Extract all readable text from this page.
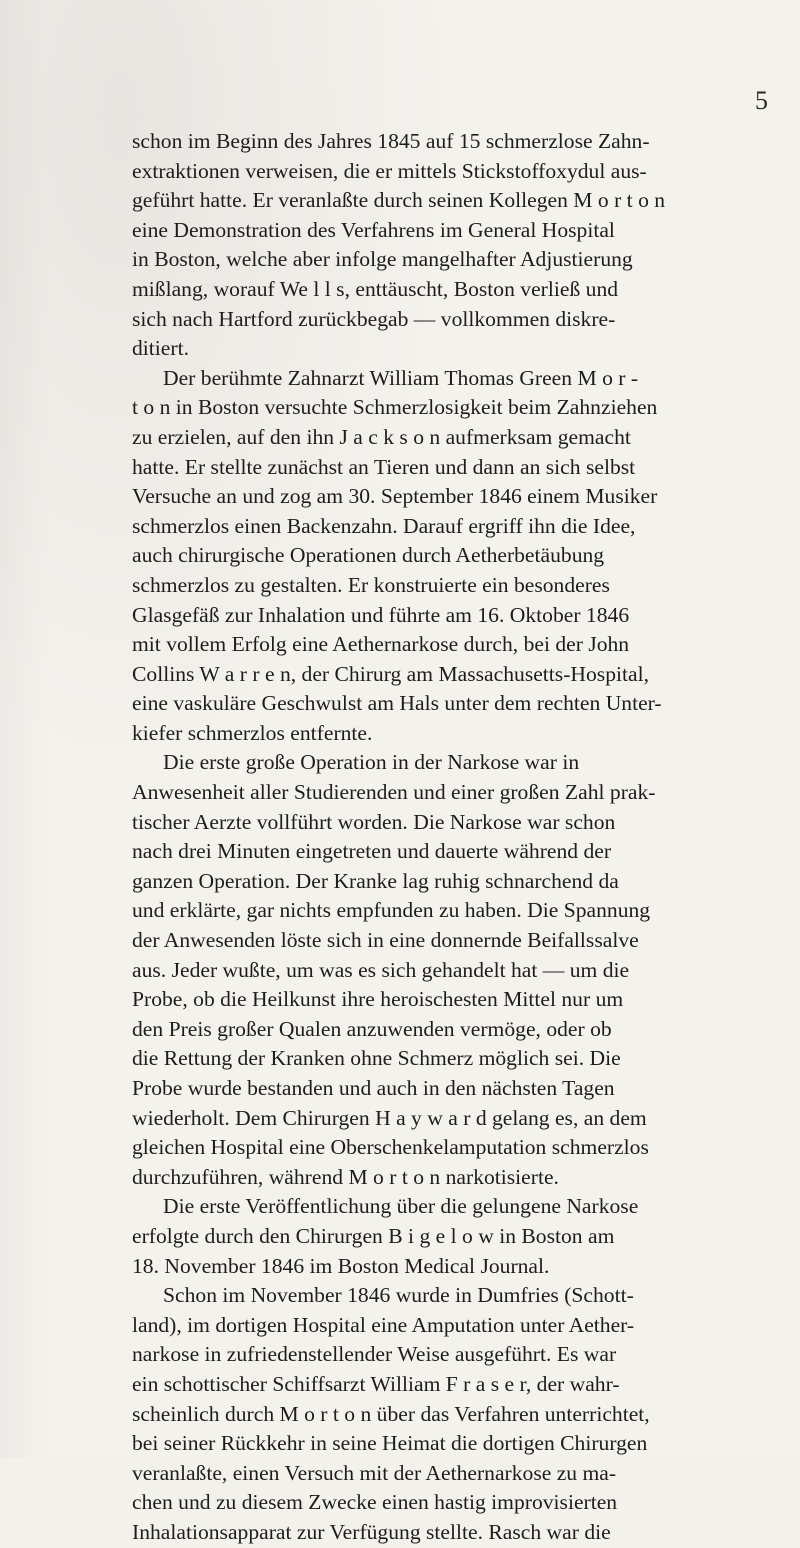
5
schon im Beginn des Jahres 1845 auf 15 schmerzlose Zahn-
extraktionen verweisen, die er mittels Stickstoffoxydul aus-
geführt hatte. Er veranlaßte durch seinen Kollegen M o r t o n
eine Demonstration des Verfahrens im General Hospital
in Boston, welche aber infolge mangelhafter Adjustierung
mißlang, worauf We l l s, enttäuscht, Boston verließ und
sich nach Hartford zurückbegab — vollkommen diskre-
ditiert.
Der berühmte Zahnarzt William Thomas Green M o r -
t o n in Boston versuchte Schmerzlosigkeit beim Zahnziehen
zu erzielen, auf den ihn J a c k s o n aufmerksam gemacht
hatte. Er stellte zunächst an Tieren und dann an sich selbst
Versuche an und zog am 30. September 1846 einem Musiker
schmerzlos einen Backenzahn. Darauf ergriff ihn die Idee,
auch chirurgische Operationen durch Aetherbetäubung
schmerzlos zu gestalten. Er konstruierte ein besonderes
Glasgefäß zur Inhalation und führte am 16. Oktober 1846
mit vollem Erfolg eine Aethernarkose durch, bei der John
Collins W a r r e n, der Chirurg am Massachusetts-Hospital,
eine vaskuläre Geschwulst am Hals unter dem rechten Unter-
kiefer schmerzlos entfernte.
Die erste große Operation in der Narkose war in
Anwesenheit aller Studierenden und einer großen Zahl prak-
tischer Aerzte vollführt worden. Die Narkose war schon
nach drei Minuten eingetreten und dauerte während der
ganzen Operation. Der Kranke lag ruhig schnarchend da
und erklärte, gar nichts empfunden zu haben. Die Spannung
der Anwesenden löste sich in eine donnernde Beifallssalve
aus. Jeder wußte, um was es sich gehandelt hat — um die
Probe, ob die Heilkunst ihre heroischesten Mittel nur um
den Preis großer Qualen anzuwenden vermöge, oder ob
die Rettung der Kranken ohne Schmerz möglich sei. Die
Probe wurde bestanden und auch in den nächsten Tagen
wiederholt. Dem Chirurgen H a y w a r d gelang es, an dem
gleichen Hospital eine Oberschenkelamputation schmerzlos
durchzuführen, während M o r t o n narkotisierte.
Die erste Veröffentlichung über die gelungene Narkose
erfolgte durch den Chirurgen B i g e l o w in Boston am
18. November 1846 im Boston Medical Journal.
Schon im November 1846 wurde in Dumfries (Schott-
land), im dortigen Hospital eine Amputation unter Aether-
narkose in zufriedenstellender Weise ausgeführt. Es war
ein schottischer Schiffsarzt William F r a s e r, der wahr-
scheinlich durch M o r t o n über das Verfahren unterrichtet,
bei seiner Rückkehr in seine Heimat die dortigen Chirurgen
veranlaßte, einen Versuch mit der Aethernarkose zu ma-
chen und zu diesem Zwecke einen hastig improvisierten
Inhalationsapparat zur Verfügung stellte. Rasch war die
